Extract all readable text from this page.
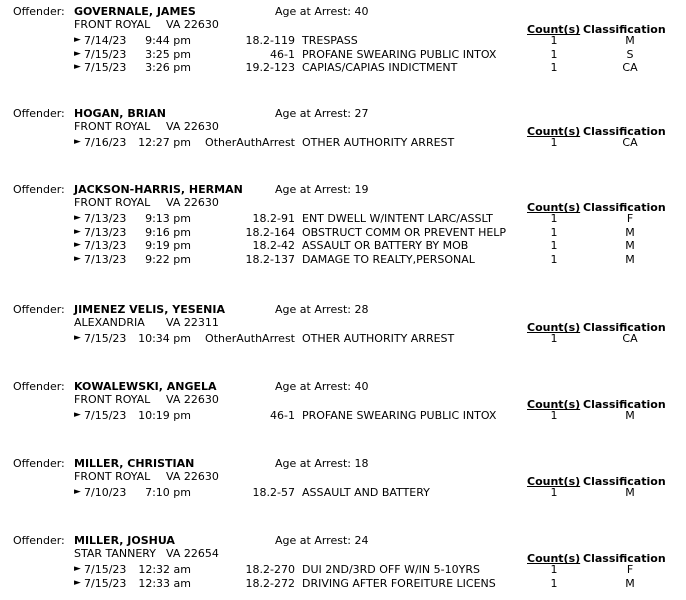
Offender: GOVERNALE, JAMES	Age at Arrest: 40
FRONT ROYAL VA 22630	Count(s) Classification
► 7/14/23	9:44 pm	18.2-119 TRESPASS	1	M
► 7/15/23	3:25 pm	46-1 PROFANE SWEARING PUBLIC INTOX	1	S
► 7/15/23	3:26 pm	19.2-123 CAPIAS/CAPIAS INDICTMENT	1	CA
Offender: HOGAN, BRIAN	Age at Arrest: 27
FRONT ROYAL VA 22630	Count(s) Classification
► 7/16/23	12:27 pm	OtherAuthArrest OTHER AUTHORITY ARREST	1	CA
Offender: JACKSON-HARRIS, HERMAN	Age at Arrest: 19
FRONT ROYAL VA 22630	Count(s) Classification
► 7/13/23	9:13 pm	18.2-91 ENT DWELL W/INTENT LARC/ASSLT	1	F
► 7/13/23	9:16 pm	18.2-164 OBSTRUCT COMM OR PREVENT HELP	1	M
► 7/13/23	9:19 pm	18.2-42 ASSAULT OR BATTERY BY MOB	1	M
► 7/13/23	9:22 pm	18.2-137 DAMAGE TO REALTY,PERSONAL	1	M
Offender: JIMENEZ VELIS, YESENIA	Age at Arrest: 28
ALEXANDRIA VA 22311	Count(s) Classification
► 7/15/23	10:34 pm	OtherAuthArrest OTHER AUTHORITY ARREST	1	CA
Offender: KOWALEWSKI, ANGELA	Age at Arrest: 40
FRONT ROYAL VA 22630	Count(s) Classification
► 7/15/23	10:19 pm	46-1 PROFANE SWEARING PUBLIC INTOX	1	M
Offender: MILLER, CHRISTIAN	Age at Arrest: 18
FRONT ROYAL VA 22630	Count(s) Classification
► 7/10/23	7:10 pm	18.2-57 ASSAULT AND BATTERY	1	M
Offender: MILLER, JOSHUA	Age at Arrest: 24
STAR TANNERY VA 22654	Count(s) Classification
► 7/15/23	12:32 am	18.2-270 DUI 2ND/3RD OFF W/IN 5-10YRS	1	F
► 7/15/23	12:33 am	18.2-272 DRIVING AFTER FOREITURE LICENS	1	M
